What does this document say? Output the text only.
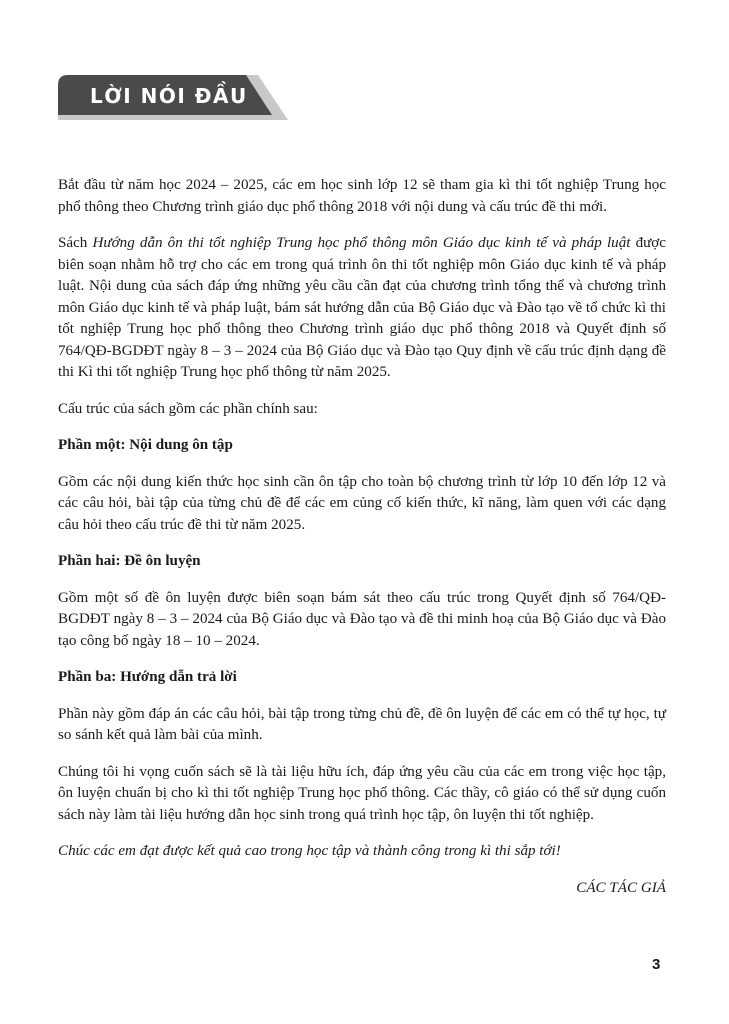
LỜI NÓI ĐẦU

Bắt đầu từ năm học 2024 – 2025, các em học sinh lớp 12 sẽ tham gia kì thi tốt nghiệp Trung học phổ thông theo Chương trình giáo dục phổ thông 2018 với nội dung và cấu trúc đề thi mới.

Sách Hướng dẫn ôn thi tốt nghiệp Trung học phổ thông môn Giáo dục kinh tế và pháp luật được biên soạn nhằm hỗ trợ cho các em trong quá trình ôn thi tốt nghiệp môn Giáo dục kinh tế và pháp luật. Nội dung của sách đáp ứng những yêu cầu cần đạt của chương trình tổng thể và chương trình môn Giáo dục kinh tế và pháp luật, bám sát hướng dẫn của Bộ Giáo dục và Đào tạo về tổ chức kì thi tốt nghiệp Trung học phổ thông theo Chương trình giáo dục phổ thông 2018 và Quyết định số 764/QĐ-BGDĐT ngày 8 – 3 – 2024 của Bộ Giáo dục và Đào tạo Quy định về cấu trúc định dạng đề thi Kì thi tốt nghiệp Trung học phổ thông từ năm 2025.

Cấu trúc của sách gồm các phần chính sau:

Phần một: Nội dung ôn tập

Gồm các nội dung kiến thức học sinh cần ôn tập cho toàn bộ chương trình từ lớp 10 đến lớp 12 và các câu hỏi, bài tập của từng chủ đề để các em củng cố kiến thức, kĩ năng, làm quen với các dạng câu hỏi theo cấu trúc đề thi từ năm 2025.

Phần hai: Đề ôn luyện

Gồm một số đề ôn luyện được biên soạn bám sát theo cấu trúc trong Quyết định số 764/QĐ-BGDĐT ngày 8 – 3 – 2024 của Bộ Giáo dục và Đào tạo và đề thi minh hoạ của Bộ Giáo dục và Đào tạo công bố ngày 18 – 10 – 2024.

Phần ba: Hướng dẫn trả lời

Phần này gồm đáp án các câu hỏi, bài tập trong từng chủ đề, đề ôn luyện để các em có thể tự học, tự so sánh kết quả làm bài của mình.

Chúng tôi hi vọng cuốn sách sẽ là tài liệu hữu ích, đáp ứng yêu cầu của các em trong việc học tập, ôn luyện chuẩn bị cho kì thi tốt nghiệp Trung học phổ thông. Các thầy, cô giáo có thể sử dụng cuốn sách này làm tài liệu hướng dẫn học sinh trong quá trình học tập, ôn luyện thi tốt nghiệp.

Chúc các em đạt được kết quả cao trong học tập và thành công trong kì thi sắp tới!

CÁC TÁC GIẢ

3
